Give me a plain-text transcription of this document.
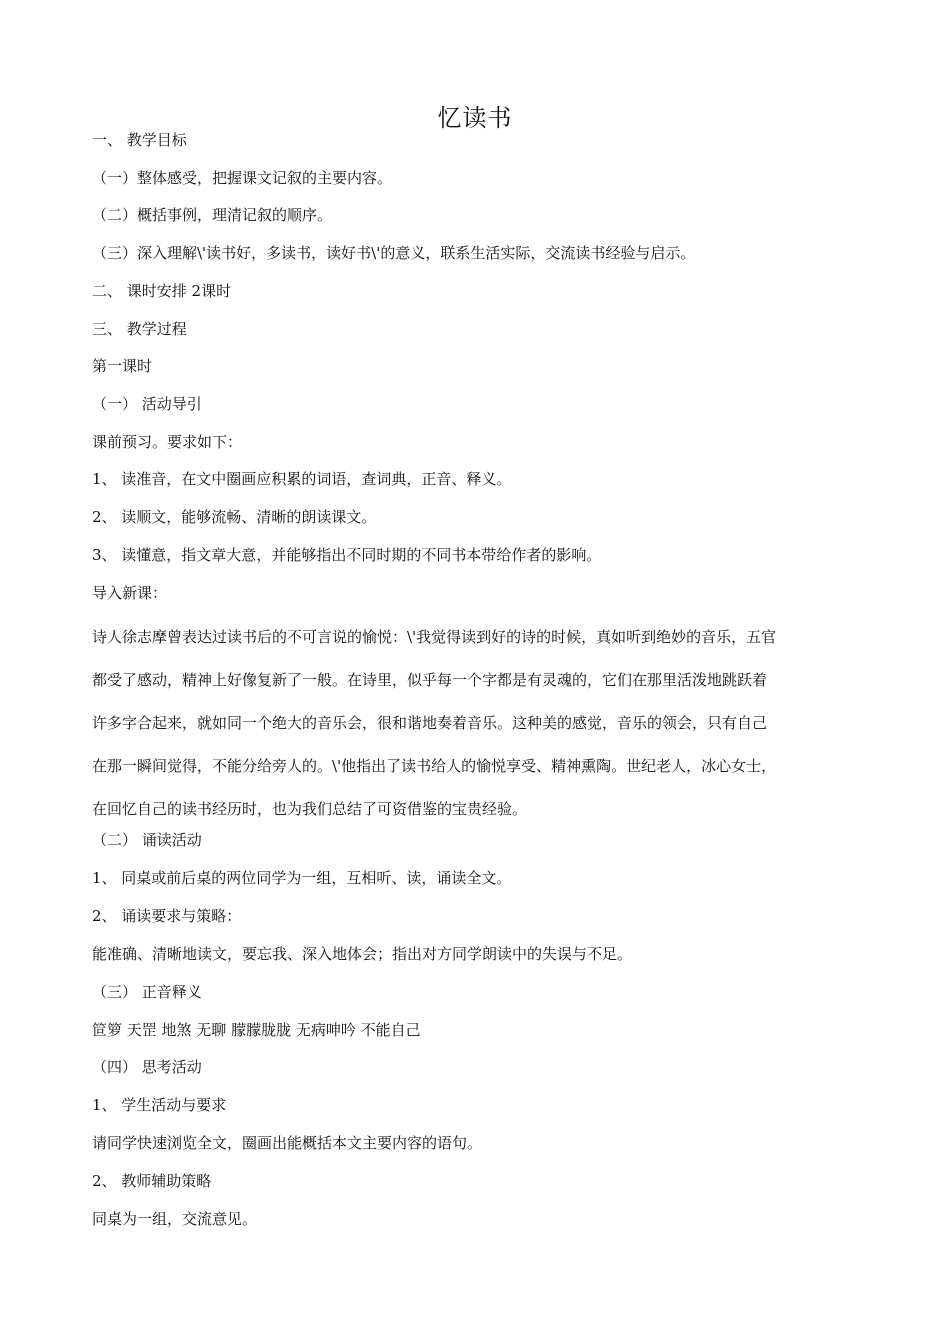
忆读书
一、 教学目标
（一）整体感受，把握课文记叙的主要内容。
（二）概括事例，理清记叙的顺序。
（三）深入理解\'读书好，多读书，读好书\'的意义，联系生活实际，交流读书经验与启示。
二、 课时安排 2课时
三、 教学过程
第一课时
（一） 活动导引
课前预习。要求如下：
1、 读准音，在文中圈画应积累的词语，查词典，正音、释义。
2、 读顺文，能够流畅、清晰的朗读课文。
3、 读懂意，指文章大意，并能够指出不同时期的不同书本带给作者的影响。
导入新课：
诗人徐志摩曾表达过读书后的不可言说的愉悦：\'我觉得读到好的诗的时候，真如听到绝妙的音乐，五官
都受了感动，精神上好像复新了一般。在诗里，似乎每一个字都是有灵魂的，它们在那里活泼地跳跃着
许多字合起来，就如同一个绝大的音乐会，很和谐地奏着音乐。这种美的感觉，音乐的领会，只有自己
在那一瞬间觉得，不能分给旁人的。\'他指出了读书给人的愉悦享受、精神熏陶。世纪老人，冰心女士，
在回忆自己的读书经历时，也为我们总结了可资借鉴的宝贵经验。
（二） 诵读活动
1、 同桌或前后桌的两位同学为一组，互相听、读，诵读全文。
2、 诵读要求与策略：
能准确、清晰地读文，要忘我、深入地体会；指出对方同学朗读中的失误与不足。
（三） 正音释义
笸箩 天罡 地煞 无聊 朦朦胧胧 无病呻吟 不能自己
（四） 思考活动
1、 学生活动与要求
请同学快速浏览全文，圈画出能概括本文主要内容的语句。
2、 教师辅助策略
同桌为一组，交流意见。
